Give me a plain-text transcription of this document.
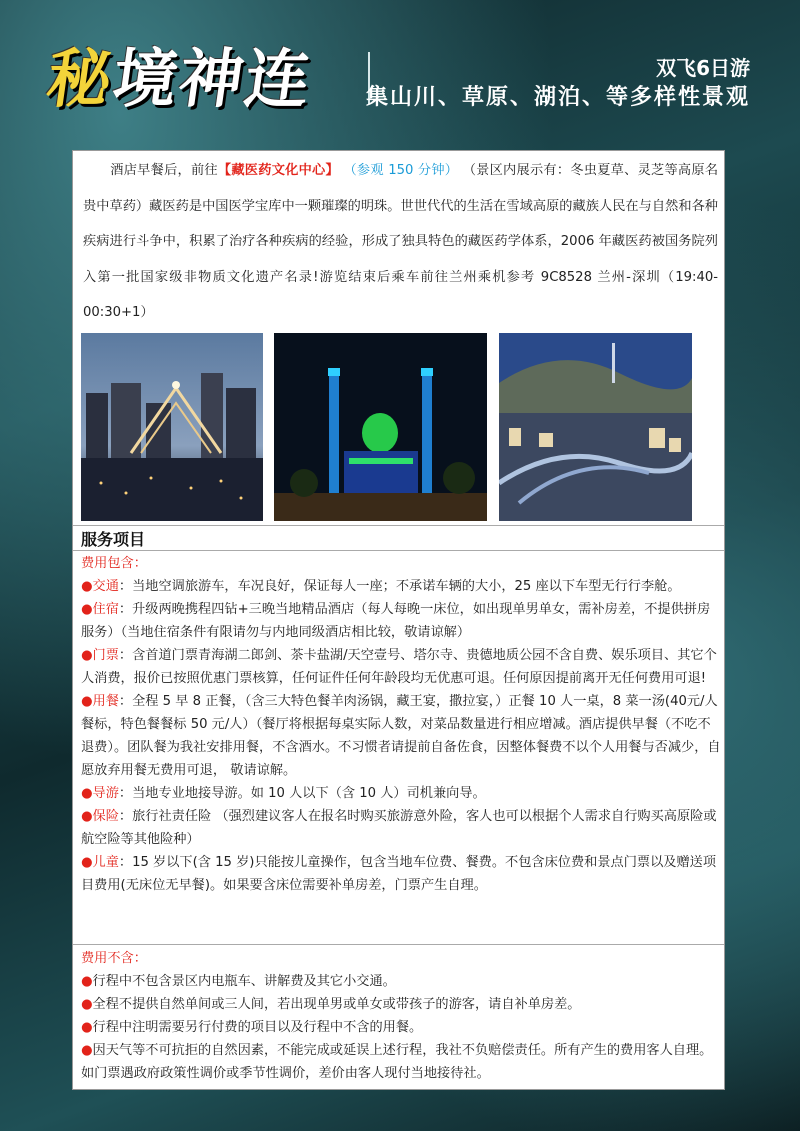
秘境神连	双飞6日游
集山川、草原、湖泊、等多样性景观
酒店早餐后，前往【藏医药文化中心】 （参观 150 分钟） （景区内展示有：冬虫夏草、灵芝等高原名贵中草药）藏医药是中国医学宝库中一颗璀璨的明珠。世世代代的生活在雪域高原的藏族人民在与自然和各种疾病进行斗争中，积累了治疗各种疾病的经验，形成了独具特色的藏医药学体系，2006 年藏医药被国务院列入第一批国家级非物质文化遗产名录!游览结束后乘车前往兰州乘机参考 9C8528 兰州-深圳（19:40-00:30+1）
服务项目
费用包含：
●交通：当地空调旅游车，车况良好，保证每人一座；不承诺车辆的大小，25 座以下车型无行行李舱。
●住宿：升级两晚携程四钻+三晚当地精品酒店（每人每晚一床位，如出现单男单女，需补房差，不提供拼房服务）（当地住宿条件有限请勿与内地同级酒店相比较，敬请谅解）
●门票：含首道门票青海湖二郎剑、茶卡盐湖/天空壹号、塔尔寺、贵德地质公园不含自费、娱乐项目、其它个人消费，报价已按照优惠门票核算，任何证件任何年龄段均无优惠可退。任何原因提前离开无任何费用可退!
●用餐：全程 5 早 8 正餐，（含三大特色餐羊肉汤锅，藏王宴，撒拉宴，）正餐 10 人一桌，8 菜一汤(40元/人餐标，特色餐餐标 50 元/人）（餐厅将根据每桌实际人数，对菜品数量进行相应增减。酒店提供早餐（不吃不退费）。团队餐为我社安排用餐，不含酒水。不习惯者请提前自备佐食，因整体餐费不以个人用餐与否减少，自愿放弃用餐无费用可退， 敬请谅解。
●导游：当地专业地接导游。如 10 人以下（含 10 人）司机兼向导。
●保险：旅行社责任险 （强烈建议客人在报名时购买旅游意外险，客人也可以根据个人需求自行购买高原险或航空险等其他险种）
●儿童：15 岁以下(含 15 岁)只能按儿童操作，包含当地车位费、餐费。不包含床位费和景点门票以及赠送项目费用(无床位无早餐)。如果要含床位需要补单房差，门票产生自理。
费用不含：
●行程中不包含景区内电瓶车、讲解费及其它小交通。
●全程不提供自然单间或三人间，若出现单男或单女或带孩子的游客，请自补单房差。
●行程中注明需要另行付费的项目以及行程中不含的用餐。
●因天气等不可抗拒的自然因素，不能完成或延误上述行程，我社不负赔偿责任。所有产生的费用客人自理。如门票遇政府政策性调价或季节性调价，差价由客人现付当地接待社。
